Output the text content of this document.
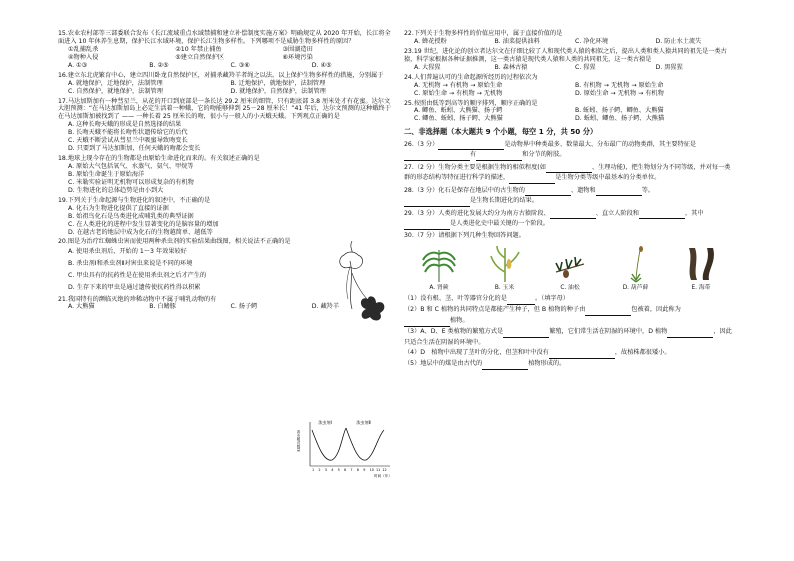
15.农业农村部等三部委联合发布《长江流域重点水域禁捕和建立补偿制度实施方案》明确规定从 2020 年开始，长江将全面进入 10 年休养生息期，保护长江水域环境，保护长江生物多样性。下列哪项不是威胁生物多样性的原因？
①乱捕乱杀	②10 年禁止捕鱼	③围湖造田
④物种入侵	⑤建立自然保护区	⑥环境污染
A. ①③	B. ②⑤	C. ③⑥	D. ④⑤
16.建立东北虎繁育中心，建立四川卧龙自然保护区，对捕杀藏羚羊者绳之以法。以上保护生物多样性的措施，分别属于
A. 就地保护，迁地保护，法制管理	B. 迁地保护，就地保护，法制管理
C. 自然保护，就地保护，法制管理	D. 就地保护，自然保护，法制管理
17.马达加斯加有一种彗星兰，从花的开口到底部是一条长达 29.2 厘米的细管，只有距底部 3.8 厘米处才有花蜜。达尔文大胆预测：“在马达加斯加岛上必定生活着一种蛾，它的吻能够伸到 25－28 厘米长！”41 年后，达尔文预测的这种蛾终于在马达加斯加被找到了 —— 一种长着 25 厘米长的吻，很小与一般人的小天蛾天蛾。下列观点正确的是
A. 这种长吻天蛾的形成是自然选择的结果
B. 长吻天蛾不能将长吻性状遗传给它的后代
C. 天蛾不断尝试从彗星兰中吸蜜导致吻变长
D. 只要到了马达加斯加，任何天蛾的吻都会变长
18.地球上现今存在的生物都是由原始生命进化而来的。有关叙述正确的是
A. 原始大气包括氧气、水蒸气、氨气、甲烷等
B. 原始生命诞生于原始海洋
C. 米勒实验证明无机物可以形成复杂的有机物
D. 生物进化的总体趋势是由小到大
19.下列关于生命起源与生物进化的叙述中，不正确的是
A. 化石为生物进化提供了直接的证据
B. 始祖鸟化石是鸟类进化成哺乳类的典型证据
C. 在人类进化的进程中发生显著变化的是脑容量的增加
D. 在越古老的地层中成为化石的生物越简单、越低等
20.图是为治疗红蜘蛛虫害而使用两种杀虫剂的实验结果曲线图，相关说法不正确的是
A. 使用杀虫剂后，开始的 1～3 年效果较好
B. 杀虫剂Ⅰ和杀虫剂Ⅱ对害虫来说是不同的环境
C. 甲虫具有的抗药性是在使用杀虫剂之后才产生的
D. 生存下来的甲虫是通过遗传使抗药性得以积累
21.我国特有的濒临灭绝的珍稀动物中不属于哺乳动物的有
A. 大熊猫	B. 白鳍豚	C. 扬子鳄	D. 藏羚羊
杀虫剂Ⅰ	杀虫剂Ⅱ
害虫相对数量
1 2 3 4 5 6 7 8 9 10 11 12
时间（年）
22.下列关于生物多样性的价值应用中，属于直接价值的是
A. 蜂花授粉	B. 油菜提供油料	C. 净化环境	D. 防止水土流失
23.19 世纪，进化论的创立者达尔文在仔细比较了人和现代类人猿的相似之后，提出人类和类人猿共同的祖先是一类古猿，科学家根据各种证据推测，这一类古猿是现代类人猿和人类的共同祖先，这一类古猿是
A. 大猩猩	B. 森林古猿	C. 猩猩	D. 黑猩猩
24.人们普遍认可的生命起源所经历的过程依次为
A. 无机物 → 有机物 → 原始生命	B. 有机物 → 无机物 → 原始生命
C. 原始生命 → 有机物 → 无机物	D. 原始生命 → 无机物 → 有机物
25.按照由低等到高等的顺序排列，顺序正确的是
A. 鲫鱼、蚯蚓、大熊猫、扬子鳄	B. 蚯蚓、扬子鳄、鲫鱼、大熊猫
C. 鲫鱼、蚯蚓、扬子鳄、大熊猫	D. 蚯蚓、鲫鱼、扬子鳄、大熊猫
二、非选择题（本大题共 9 个小题，每空 1 分，共 50 分）
26.（3 分）	是动物界中种类最多、数量最大、分布最广的动物类群，其主要特征是有	和分节的附肢。
27.（2 分）生物分类主要是根据生物的相似程度(如	、生理功能)，把生物划分为不同等级，并对每一类群的形态结构等特征进行科学的描述，	是生物分类等级中最基本的分类单位。
28.（3 分）化石是保存在地层中的古生物的	、遗物和	等。
是生物长期进化的结果。
29.（3 分）人类的进化发展大约分为南方古猿阶段、	、直立人阶段和	，其中是人类进化史中最关键的一个阶段。
30.（7 分）请根据下列几种生物回答问题。
A. 肾蕨	B. 玉米	C. 油松	D. 葫芦藓	E. 海带
（1）没有根、茎、叶等器官分化的是	。（填字母）
（2）B 和 C 植物的共同特点是都能产生种子，但 B 植物的种子由	包被着，因此称为
植物。
（3）A、D、E 类植物的繁殖方式是	繁殖，它们常生活在阴湿的环境中，D 植物	，因此只适合生活在阴湿的环境中。
（4）D　植物中出现了茎叶的分化，但茎和叶中没有	，故植株都很矮小。
（5）地层中的煤是由古代的	植物形成的。
